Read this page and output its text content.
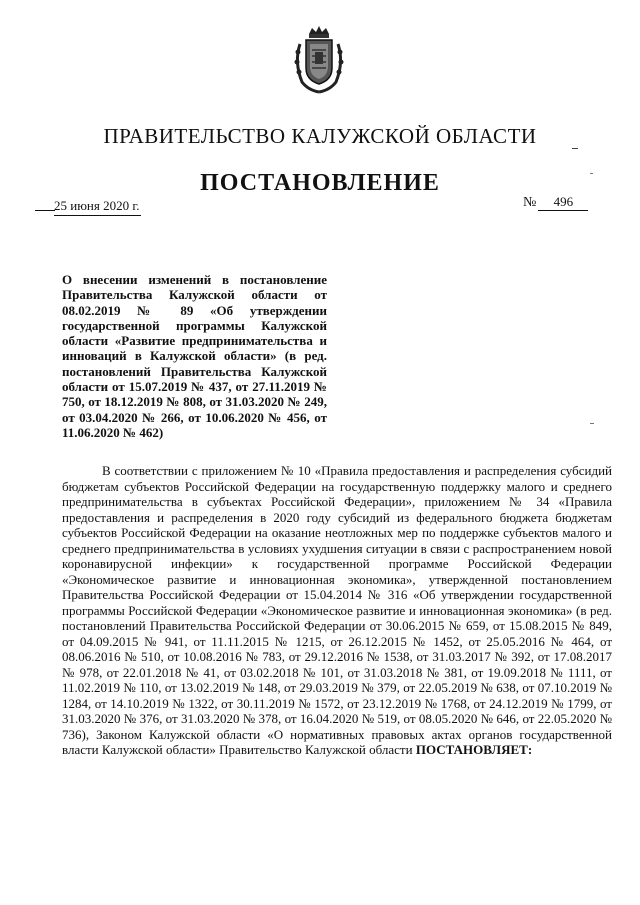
ПРАВИТЕЛЬСТВО КАЛУЖСКОЙ ОБЛАСТИ
ПОСТАНОВЛЕНИЕ
25 июня 2020 г.	№ 496
О внесении изменений в постановление Правительства Калужской области от 08.02.2019 № 89 «Об утверждении государственной программы Калужской области «Развитие предпринимательства и инноваций в Калужской области» (в ред. постановлений Правительства Калужской области от 15.07.2019 № 437, от 27.11.2019 № 750, от 18.12.2019 № 808, от 31.03.2020 № 249, от 03.04.2020 № 266, от 10.06.2020 № 456, от 11.06.2020 № 462)

В соответствии с приложением № 10 «Правила предоставления и распределения субсидий бюджетам субъектов Российской Федерации на государственную поддержку малого и среднего предпринимательства в субъектах Российской Федерации», приложением № 34 «Правила предоставления и распределения в 2020 году субсидий из федерального бюджета бюджетам субъектов Российской Федерации на оказание неотложных мер по поддержке субъектов малого и среднего предпринимательства в условиях ухудшения ситуации в связи с распространением новой коронавирусной инфекции» к государственной программе Российской Федерации «Экономическое развитие и инновационная экономика», утвержденной постановлением Правительства Российской Федерации от 15.04.2014 № 316 «Об утверждении государственной программы Российской Федерации «Экономическое развитие и инновационная экономика» (в ред. постановлений Правительства Российской Федерации от 30.06.2015 № 659, от 15.08.2015 № 849, от 04.09.2015 № 941, от 11.11.2015 № 1215, от 26.12.2015 № 1452, от 25.05.2016 № 464, от 08.06.2016 № 510, от 10.08.2016 № 783, от 29.12.2016 № 1538, от 31.03.2017 № 392, от 17.08.2017 № 978, от 22.01.2018 № 41, от 03.02.2018 № 101, от 31.03.2018 № 381, от 19.09.2018 № 1111, от 11.02.2019 № 110, от 13.02.2019 № 148, от 29.03.2019 № 379, от 22.05.2019 № 638, от 07.10.2019 № 1284, от 14.10.2019 № 1322, от 30.11.2019 № 1572, от 23.12.2019 № 1768, от 24.12.2019 № 1799, от 31.03.2020 № 376, от 31.03.2020 № 378, от 16.04.2020 № 519, от 08.05.2020 № 646, от 22.05.2020 № 736), Законом Калужской области «О нормативных правовых актах органов государственной власти Калужской области» Правительство Калужской области ПОСТАНОВЛЯЕТ:
